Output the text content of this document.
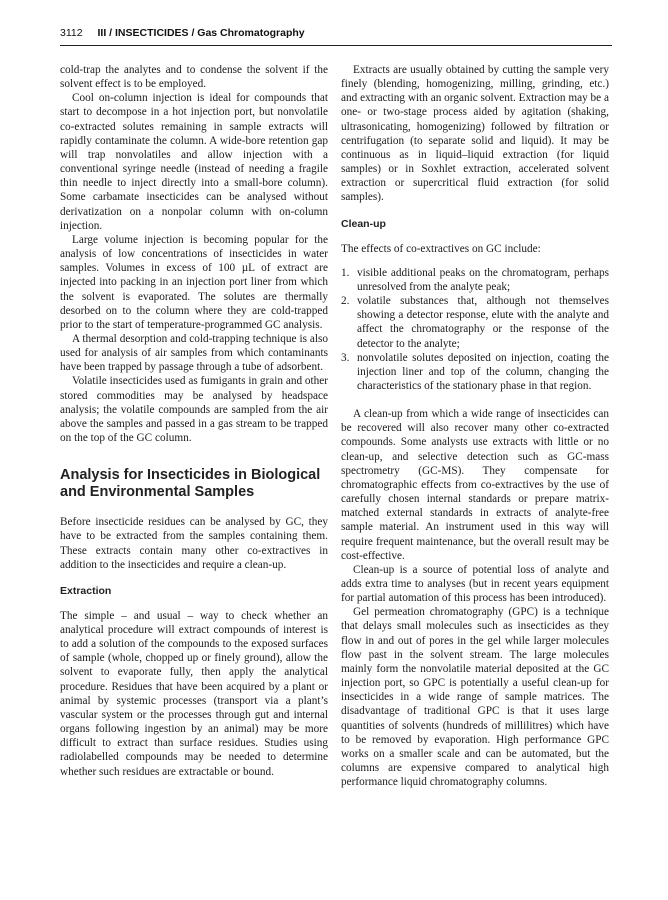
3112 III / INSECTICIDES / Gas Chromatography

cold-trap the analytes and to condense the solvent if the solvent effect is to be employed.

Cool on-column injection is ideal for compounds that start to decompose in a hot injection port, but nonvolatile co-extracted solutes remaining in sample extracts will rapidly contaminate the column. A wide-bore retention gap will trap nonvolatiles and allow injection with a conventional syringe needle (instead of needing a fragile thin needle to inject directly into a small-bore column). Some carbamate insecticides can be analysed without derivatization on a nonpolar column with on-column injection.

Large volume injection is becoming popular for the analysis of low concentrations of insecticides in water samples. Volumes in excess of 100 µL of extract are injected into packing in an injection port liner from which the solvent is evaporated. The solutes are thermally desorbed on to the column where they are cold-trapped prior to the start of temperature-programmed GC analysis.

A thermal desorption and cold-trapping technique is also used for analysis of air samples from which contaminants have been trapped by passage through a tube of adsorbent.

Volatile insecticides used as fumigants in grain and other stored commodities may be analysed by headspace analysis; the volatile compounds are sampled from the air above the samples and passed in a gas stream to be trapped on the top of the GC column.

Analysis for Insecticides in Biological and Environmental Samples

Before insecticide residues can be analysed by GC, they have to be extracted from the samples containing them. These extracts contain many other co-extractives in addition to the insecticides and require a clean-up.

Extraction

The simple – and usual – way to check whether an analytical procedure will extract compounds of interest is to add a solution of the compounds to the exposed surfaces of sample (whole, chopped up or finely ground), allow the solvent to evaporate fully, then apply the analytical procedure. Residues that have been acquired by a plant or animal by systemic processes (transport via a plant’s vascular system or the processes through gut and internal organs following ingestion by an animal) may be more difficult to extract than surface residues. Studies using radiolabelled compounds may be needed to determine whether such residues are extractable or bound.

Extracts are usually obtained by cutting the sample very finely (blending, homogenizing, milling, grinding, etc.) and extracting with an organic solvent. Extraction may be a one- or two-stage process aided by agitation (shaking, ultrasonicating, homogenizing) followed by filtration or centrifugation (to separate solid and liquid). It may be continuous as in liquid–liquid extraction (for liquid samples) or in Soxhlet extraction, accelerated solvent extraction or supercritical fluid extraction (for solid samples).

Clean-up

The effects of co-extractives on GC include:

1. visible additional peaks on the chromatogram, perhaps unresolved from the analyte peak;
2. volatile substances that, although not themselves showing a detector response, elute with the analyte and affect the chromatography or the response of the detector to the analyte;
3. nonvolatile solutes deposited on injection, coating the injection liner and top of the column, changing the characteristics of the stationary phase in that region.

A clean-up from which a wide range of insecticides can be recovered will also recover many other co-extracted compounds. Some analysts use extracts with little or no clean-up, and selective detection such as GC-mass spectrometry (GC-MS). They compensate for chromatographic effects from co-extractives by the use of carefully chosen internal standards or prepare matrix-matched external standards in extracts of analyte-free sample material. An instrument used in this way will require frequent maintenance, but the overall result may be cost-effective.

Clean-up is a source of potential loss of analyte and adds extra time to analyses (but in recent years equipment for partial automation of this process has been introduced).

Gel permeation chromatography (GPC) is a technique that delays small molecules such as insecticides as they flow in and out of pores in the gel while larger molecules flow past in the solvent stream. The large molecules mainly form the nonvolatile material deposited at the GC injection port, so GPC is potentially a useful clean-up for insecticides in a wide range of sample matrices. The disadvantage of traditional GPC is that it uses large quantities of solvents (hundreds of millilitres) which have to be removed by evaporation. High performance GPC works on a smaller scale and can be automated, but the columns are expensive compared to analytical high performance liquid chromatography columns.
